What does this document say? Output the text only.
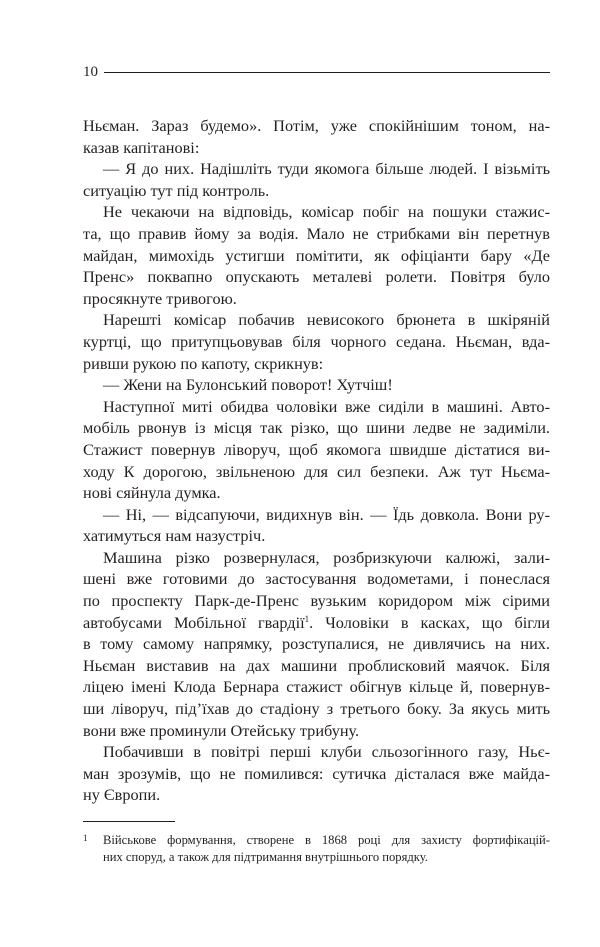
10
Ньєман. Зараз будемо». Потім, уже спокійнішим тоном, на-
казав капітанові:
— Я до них. Надішліть туди якомога більше людей. І візьміть
ситуацію тут під контроль.
Не чекаючи на відповідь, комісар побіг на пошуки стажис-
та, що правив йому за водія. Мало не стрибками він перетнув
майдан, мимохідь устигши помітити, як офіціанти бару «Де
Пренс» поквапно опускають металеві ролети. Повітря було
просякнуте тривогою.
Нарешті комісар побачив невисокого брюнета в шкіряній
куртці, що притупцьовував біля чорного седана. Ньєман, вда-
ривши рукою по капоту, скрикнув:
— Жени на Булонський поворот! Хутчіш!
Наступної миті обидва чоловіки вже сиділи в машині. Авто-
мобіль рвонув із місця так різко, що шини ледве не задиміли.
Стажист повернув ліворуч, щоб якомога швидше дістатися ви-
ходу К дорогою, звільненою для сил безпеки. Аж тут Ньєма-
нові сяйнула думка.
— Ні, — відсапуючи, видихнув він. — Їдь довкола. Вони ру-
хатимуться нам назустріч.
Машина різко розвернулася, розбризкуючи калюжі, зали-
шені вже готовими до застосування водометами, і понеслася
по проспекту Парк-де-Пренс вузьким коридором між сірими
автобусами Мобільної гвардії$^1$. Чоловіки в касках, що бігли
в тому самому напрямку, розступалися, не дивлячись на них.
Ньєман виставив на дах машини проблисковий маячок. Біля
ліцею імені Клода Бернара стажист обігнув кільце й, повернув-
ши ліворуч, під’їхав до стадіону з третього боку. За якусь мить
вони вже проминули Отейську трибуну.
Побачивши в повітрі перші клуби сльозогінного газу, Ньє-
ман зрозумів, що не помилився: сутичка дісталася вже майда-
ну Європи.
1 Військове формування, створене в 1868 році для захисту фортифікацій-
них споруд, а також для підтримання внутрішнього порядку.
